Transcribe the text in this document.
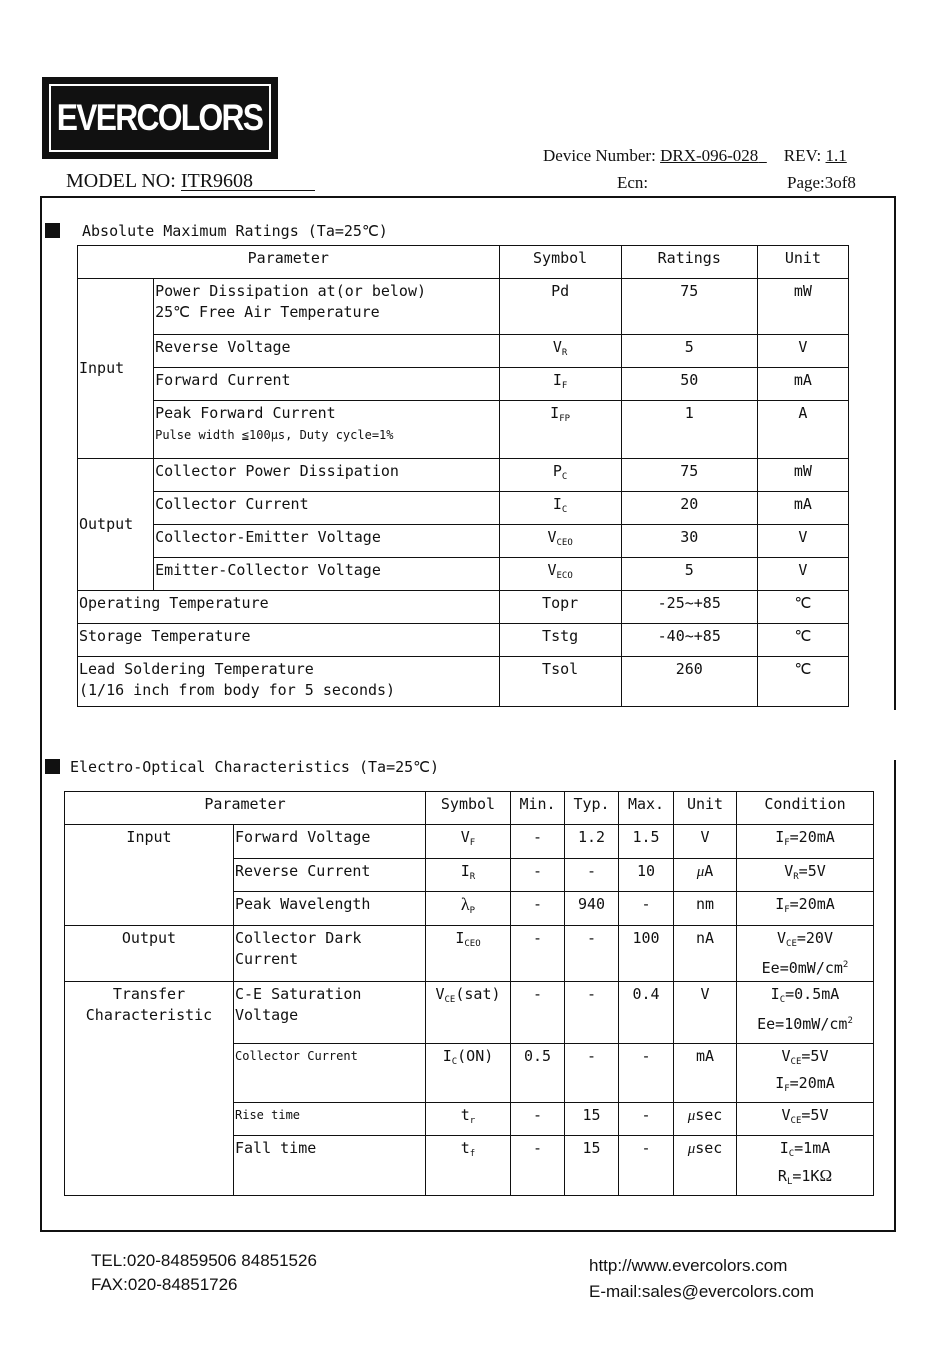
EVERCOLORS
Device Number: DRX-096-028 REV: 1.1
MODEL NO: ITR9608	Ecn:	Page:3of8
Absolute Maximum Ratings (Ta=25℃)
Parameter		Symbol	Ratings	Unit
Input	Power Dissipation at(or below)
25℃ Free Air Temperature	Pd	75	mW
	Reverse Voltage	$V_R$	5	V
	Forward Current	$I_F$	50	mA
	Peak Forward Current
Pulse width ≦100μs, Duty cycle=1%	$I_{FP}$	1	A
Output	Collector Power Dissipation	$P_C$	75	mW
	Collector Current	$I_C$	20	mA
	Collector-Emitter Voltage	$V_{CEO}$	30	V
	Emitter-Collector Voltage	$V_{ECO}$	5	V
Operating Temperature		Topr	-25~+85	℃
Storage Temperature		Tstg	-40~+85	℃
Lead Soldering Temperature
(1/16 inch from body for 5 seconds)		Tsol	260	℃
Electro-Optical Characteristics (Ta=25℃)
Parameter		Symbol	Min.	Typ.	Max.	Unit	Condition
Input	Forward Voltage	$V_F$	-	1.2	1.5	V	$I_F=20mA$
	Reverse Current	$I_R$	-	-	10	μA	$V_R=5V$
	Peak Wavelength	$\lambda_P$	-	940	-	nm	$I_F=20mA$
Output	Collector Dark
Current	$I_{CEO}$	-	-	100	nA	$V_{CE}=20V$
$Ee=0mW/cm^2$
Transfer
Characteristic	C-E Saturation
Voltage	$V_{CE}(sat)$	-	-	0.4	V	$I_C=0.5mA$
$Ee=10mW/cm^2$
	Collector Current	$I_C(ON)$	0.5	-	-	mA	$V_{CE}=5V$
$I_F=20mA$
	Rise time	$t_r$	-	15	-	μsec	$V_{CE}=5V$
	Fall time	$t_f$	-	15	-	μsec	$I_C=1mA$
$R_L=1K\Omega$
TEL:020-84859506 84851526
FAX:020-84851726
http://www.evercolors.com
E-mail:sales@evercolors.com
